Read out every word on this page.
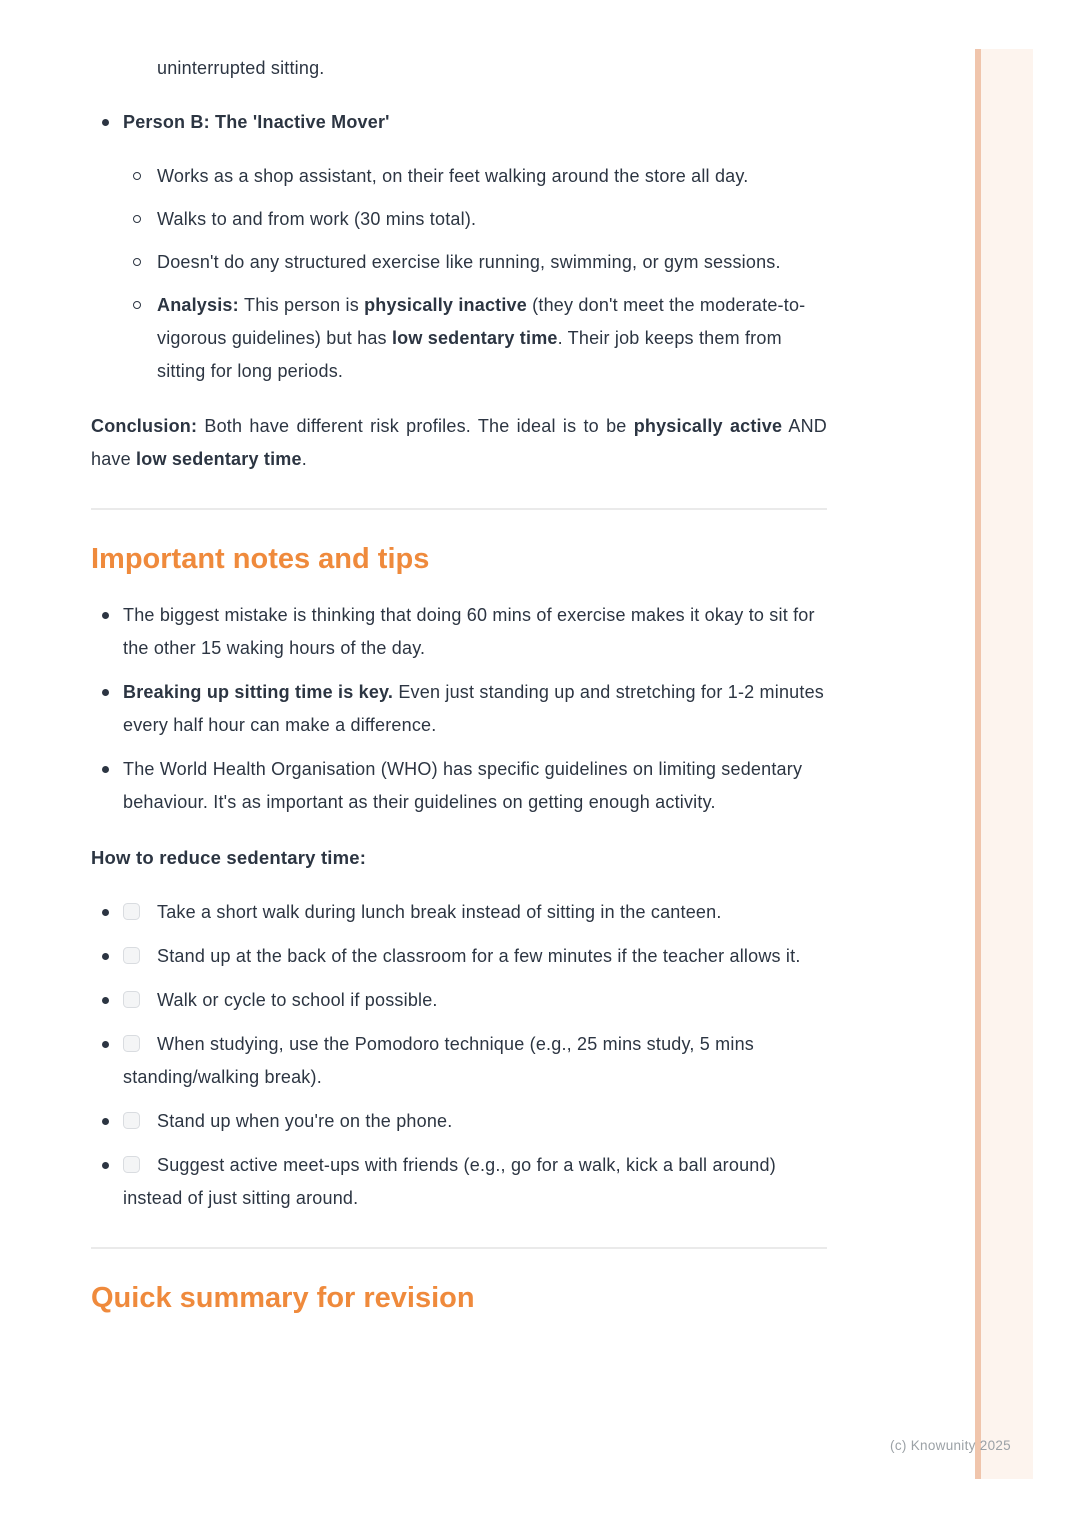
uninterrupted sitting.

Person B: The 'Inactive Mover'

Works as a shop assistant, on their feet walking around the store all day.

Walks to and from work (30 mins total).

Doesn't do any structured exercise like running, swimming, or gym sessions.

Analysis: This person is physically inactive (they don't meet the moderate-to-vigorous guidelines) but has low sedentary time. Their job keeps them from sitting for long periods.

Conclusion: Both have different risk profiles. The ideal is to be physically active AND have low sedentary time.

Important notes and tips

The biggest mistake is thinking that doing 60 mins of exercise makes it okay to sit for the other 15 waking hours of the day.

Breaking up sitting time is key. Even just standing up and stretching for 1-2 minutes every half hour can make a difference.

The World Health Organisation (WHO) has specific guidelines on limiting sedentary behaviour. It's as important as their guidelines on getting enough activity.

How to reduce sedentary time:

Take a short walk during lunch break instead of sitting in the canteen.

Stand up at the back of the classroom for a few minutes if the teacher allows it.

Walk or cycle to school if possible.

When studying, use the Pomodoro technique (e.g., 25 mins study, 5 mins standing/walking break).

Stand up when you're on the phone.

Suggest active meet-ups with friends (e.g., go for a walk, kick a ball around) instead of just sitting around.

Quick summary for revision
(c) Knowunity 2025
